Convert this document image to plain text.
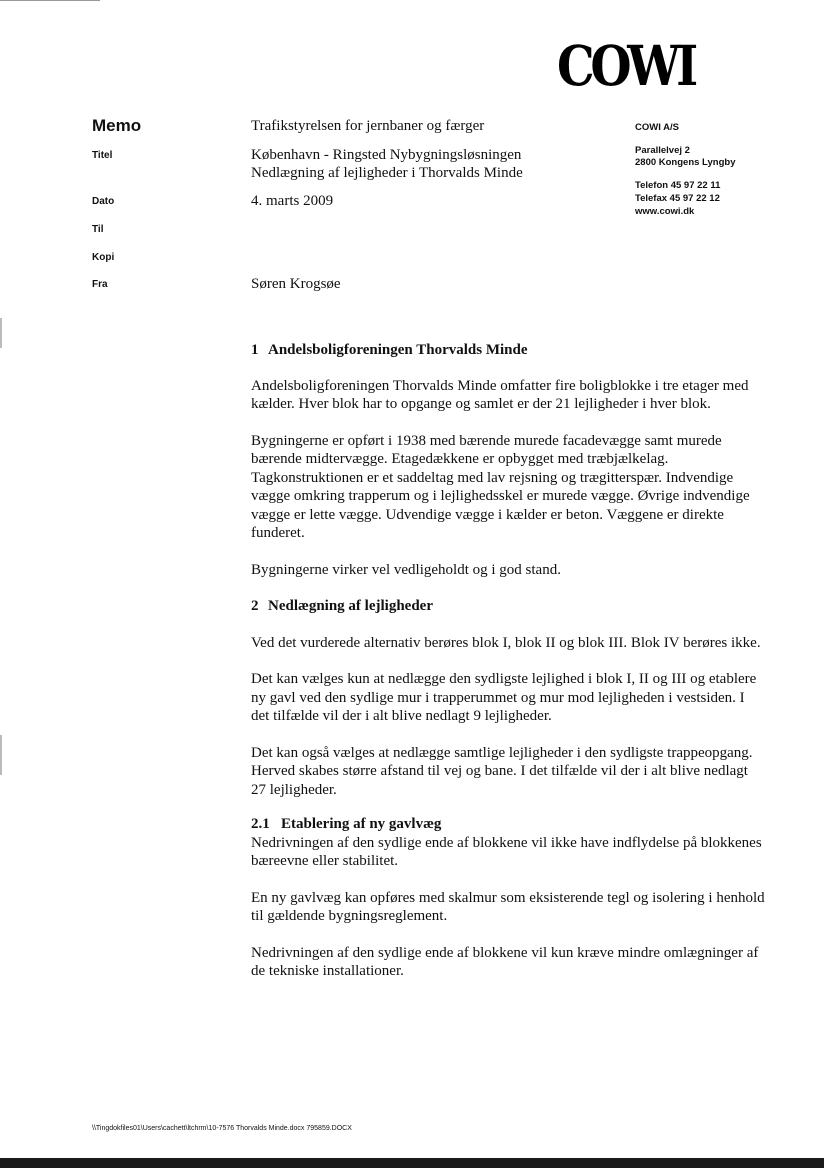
COWI
Memo
Titel
Dato
Til
Kopi
Fra
Trafikstyrelsen for jernbaner og færger
København - Ringsted Nybygningsløsningen
Nedlægning af lejligheder i Thorvalds Minde
4. marts 2009
Søren Krogsøe
COWI A/S
Parallelvej 2
2800 Kongens Lyngby
Telefon 45 97 22 11
Telefax 45 97 22 12
www.cowi.dk
1 Andelsboligforeningen Thorvalds Minde

Andelsboligforeningen Thorvalds Minde omfatter fire boligblokke i tre etager med kælder. Hver blok har to opgange og samlet er der 21 lejligheder i hver blok.

Bygningerne er opført i 1938 med bærende murede facadevægge samt murede bærende midtervægge. Etagedækkene er opbygget med træbjælkelag. Tagkonstruktionen er et saddeltag med lav rejsning og trægitterspær. Indvendige vægge omkring trapperum og i lejlighedsskel er murede vægge. Øvrige indvendige vægge er lette vægge. Udvendige vægge i kælder er beton. Væggene er direkte funderet.

Bygningerne virker vel vedligeholdt og i god stand.

2 Nedlægning af lejligheder

Ved det vurderede alternativ berøres blok I, blok II og blok III. Blok IV berøres ikke.

Det kan vælges kun at nedlægge den sydligste lejlighed i blok I, II og III og etablere ny gavl ved den sydlige mur i trapperummet og mur mod lejligheden i vestsiden. I det tilfælde vil der i alt blive nedlagt 9 lejligheder.

Det kan også vælges at nedlægge samtlige lejligheder i den sydligste trappeopgang. Herved skabes større afstand til vej og bane. I det tilfælde vil der i alt blive nedlagt 27 lejligheder.

2.1 Etablering af ny gavlvæg

Nedrivningen af den sydlige ende af blokkene vil ikke have indflydelse på blokkenes bæreevne eller stabilitet.

En ny gavlvæg kan opføres med skalmur som eksisterende tegl og isolering i henhold til gældende bygningsreglement.

Nedrivningen af den sydlige ende af blokkene vil kun kræve mindre omlægninger af de tekniske installationer.

\\Tingdokfiles01\Users\cachett\ltchrm\10-7576 Thorvalds Minde.docx 795859.DOCX
